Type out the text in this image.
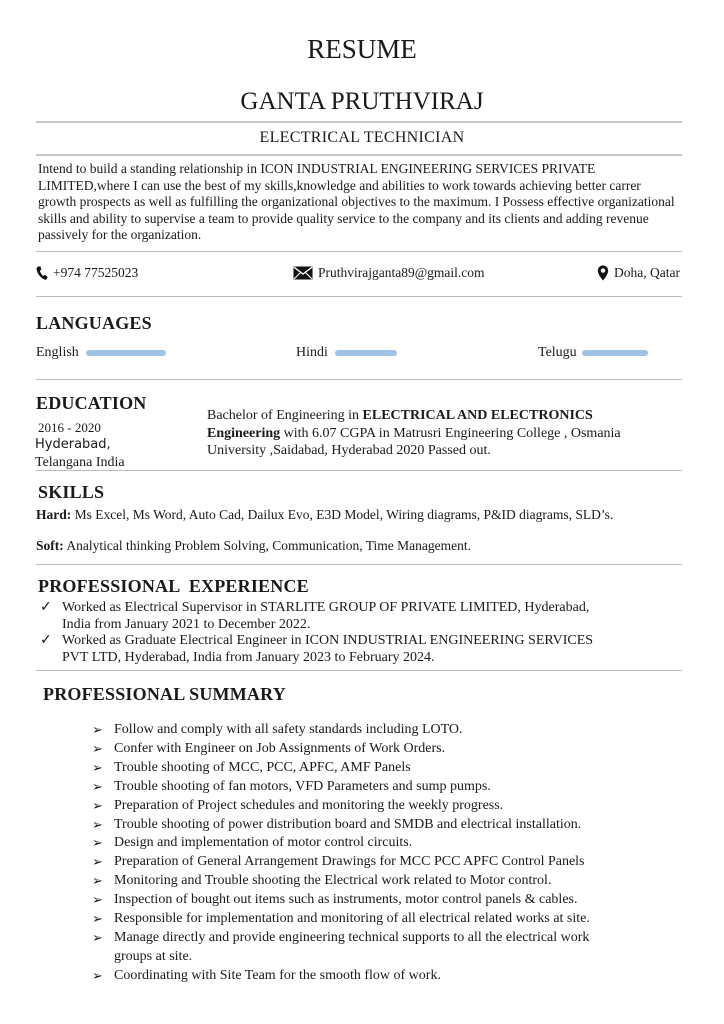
RESUME
GANTA PRUTHVIRAJ
ELECTRICAL TECHNICIAN
Intend to build a standing relationship in ICON INDUSTRIAL ENGINEERING SERVICES PRIVATE LIMITED,where I can use the best of my skills,knowledge and abilities to work towards achieving better carrer growth prospects as well as fulfilling the organizational objectives to the maximum. I Possess effective organizational skills and ability to supervise a team to provide quality service to the company and its clients and adding revenue passively for the organization.
+974 77525023	Pruthvirajganta89@gmail.com	Doha, Qatar
LANGUAGES
English	Hindi	Telugu
EDUCATION
2016 - 2020
Hyderabad,
Telangana India
Bachelor of Engineering in ELECTRICAL AND ELECTRONICS
Engineering with 6.07 CGPA in Matrusri Engineering College , Osmania
University ,Saidabad, Hyderabad 2020 Passed out.
SKILLS
Hard: Ms Excel, Ms Word, Auto Cad, Dailux Evo, E3D Model, Wiring diagrams, P&ID diagrams, SLD’s.
Soft: Analytical thinking Problem Solving, Communication, Time Management.
PROFESSIONAL  EXPERIENCE
✓ Worked as Electrical Supervisor in STARLITE GROUP OF PRIVATE LIMITED, Hyderabad,
India from January 2021 to December 2022.
✓ Worked as Graduate Electrical Engineer in ICON INDUSTRIAL ENGINEERING SERVICES
PVT LTD, Hyderabad, India from January 2023 to February 2024.
PROFESSIONAL SUMMARY
➢ Follow and comply with all safety standards including LOTO.
➢ Confer with Engineer on Job Assignments of Work Orders.
➢ Trouble shooting of MCC, PCC, APFC, AMF Panels
➢ Trouble shooting of fan motors, VFD Parameters and sump pumps.
➢ Preparation of Project schedules and monitoring the weekly progress.
➢ Trouble shooting of power distribution board and SMDB and electrical installation.
➢ Design and implementation of motor control circuits.
➢ Preparation of General Arrangement Drawings for MCC PCC APFC Control Panels
➢ Monitoring and Trouble shooting the Electrical work related to Motor control.
➢ Inspection of bought out items such as instruments, motor control panels & cables.
➢ Responsible for implementation and monitoring of all electrical related works at site.
➢ Manage directly and provide engineering technical supports to all the electrical work
groups at site.
➢ Coordinating with Site Team for the smooth flow of work.
